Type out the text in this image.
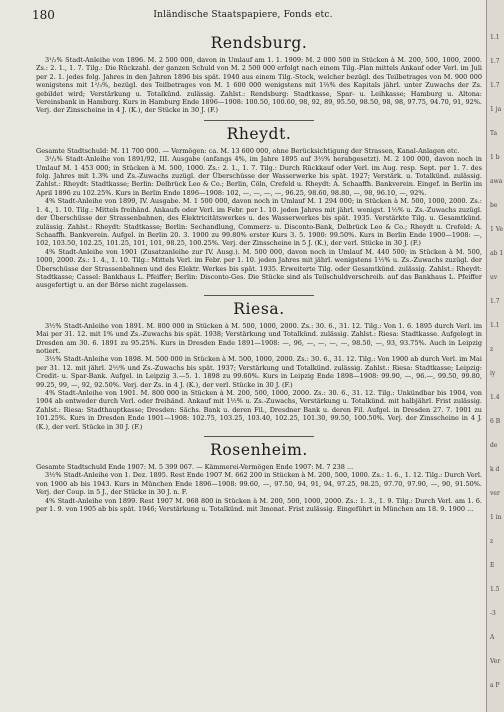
180	Inländische Staatspapiere, Fonds etc.
Rendsburg.

3¹/₂% Stadt-Anleihe von 1896. M. 2 500 000, davon in Umlauf am 1. 1. 1909: M. 2 000 500 in Stücken à M. 200, 500, 1000, 2000. Zs.: 2. 1., 1. 7. Tilg.: Die Rückzahl. der ganzen Schuld von M. 2 500 000 erfolgt nach einem Tilg.-Plan mittels Ankauf oder Verl. im Juli per 2. 1. jedes folg. Jahres in den Jahren 1896 bis spät. 1940 aus einem Tilg.-Stock, welcher bezügl. des Teilbetrages von M. 900 000 wenigstens mit 1²/₃%, bezügl. des Teilbetrages von M. 1 600 000 wenigstens mit 1⅔% des Kapitals jährl. unter Zuwachs der Zs. gebildet wird; Verstärkung u. Totalkünd. zulässig. Zahlst.: Rendsburg: Stadtkasse, Spar- u. Leihkasse; Hamburg u. Altona: Vereinsbank in Hamburg. Kurs in Hamburg Ende 1896—1908: 100.50, 100.60, 98, 92, 89, 95.50, 98.50, 98, 98, 97.75, 94.70, 91, 92%. Verj. der Zinsscheine in 4 J. (K.), der Stücke in 30 J. (F.)

Rheydt.

Gesamte Stadtschuld: M. 11 700 000. — Vermögen: ca. M. 13 600 000, ohne Berücksichtigung der Strassen, Kanal-Anlagen etc.

3¹/₂% Stadt-Anleihe von 1891/92, III. Ausgabe (anfangs 4%, im Jahre 1895 auf 3½% herabgesetzt). M. 2 100 000, davon noch in Umlauf M. 1 453 000; in Stücken à M. 500, 1000. Zs.: 2. 1., 1. 7. Tilg.: Durch Rückkauf oder Verl. im Aug. resp. Sept. per 1. 7. des folg. Jahres mit 1.3% und Zs.-Zuwachs zuzügl. der Überschüsse der Wasserwerke bis spät. 1927; Verstärk. u. Totalkünd. zulässig. Zahlst.: Rheydt: Stadtkasse; Berlin: Delbrück Leo & Co.; Berlin, Cöln, Crefeld u. Rheydt: A. Schaaffh. Bankverein. Eingef. in Berlin im April 1896 zu 102.25%. Kurs in Berlin Ende 1896—1908: 102, —, —, —, —, 96.25, 98.60, 98.80, —, 98, 96.10, —, 92%.

4% Stadt-Anleihe von 1899, IV. Ausgabe. M. 1 500 000, davon noch in Umlauf M. 1 294 000; in Stücken à M. 500, 1000, 2000. Zs.: 1. 4., 1. 10. Tilg.: Mittels freihänd. Ankaufs oder Verl. im Febr. per 1. 10. jeden Jahres mit jährl. wenigst. 1½% u. Zs.-Zuwachs zuzügl. der Überschüsse der Strassenbahnen, des Elektricitätswerkes u. des Wasserwerkes bis spät. 1935. Verstärkte Tilg. u. Gesamtkünd. zulässig. Zahlst.: Rheydt: Stadtkasse; Berlin: Sechandlung, Commerz- u. Disconto-Bank, Delbrück Leo & Co.; Rheydt u. Crefeld: A. Schaaffh. Bankverein. Aufgel. in Berlin 20. 3. 1900 zu 99.80% erster Kurs 3. 5. 1900: 99.50%. Kurs in Berlin Ende 1900—1908: —, 102, 103.50, 102.25, 101.25, 101, 101, 98.25, 100.25%. Verj. der Zinsscheine in 5 J. (K.), der verl. Stücke in 30 J. (F.)

4% Stadt-Anleihe von 1901 (Zusatzanleihe zur IV. Ausg.). M. 500 000, davon noch in Umlauf M. 440 500; in Stücken à M. 500, 1000, 2000. Zs.: 1. 4., 1. 10. Tilg.: Mittels Verl. im Febr. per 1. 10. jeden Jahres mit jährl. wenigstens 1½% u. Zs.-Zuwachs zuzügl. der Überschüsse der Strassenbahnen und des Elektr. Werkes bis spät. 1935. Erweiterte Tilg. oder Gesamtkünd. zulässig. Zahlst.: Rheydt: Stadtkasse; Cassel: Bankhaus L. Pfeiffer; Berlin: Disconto-Ges. Die Stücke sind als Teilschuldverschreib. auf das Bankhaus L. Pfeiffer ausgefertigt u. an der Börse nicht zugelassen.

Riesa.

3½% Stadt-Anleihe von 1891. M. 800 000 in Stücken à M. 500, 1000, 2000. Zs.: 30. 6., 31. 12. Tilg.: Von 1. 6. 1895 durch Verl. im Mai per 31. 12. mit 1% und Zs.-Zuwachs bis spät. 1938; Verstärkung und Totalkünd. zulässig. Zahlst.: Riesa: Stadtkasse. Aufgelegt in Dresden am 30. 6. 1891 zu 95.25%. Kurs in Dresden Ende 1891—1908: —, 96, —, —, —, —, 98.50, —, 93, 93.75%. Auch in Leipzig notiert.

3½% Stadt-Anleihe von 1898. M. 500 000 in Stücken à M. 500, 1000, 2000. Zs.: 30. 6., 31. 12. Tilg.: Von 1900 ab durch Verl. im Mai per 31. 12. mit jährl. 2½% und Zs.-Zuwachs bis spät. 1937; Verstärkung und Totalkünd. zulässig. Zahlst.: Riesa: Stadtkasse; Leipzig: Credit- u. Spar-Bank. Aufgel. in Leipzig 3.—5. 1. 1898 zu 99.60%. Kurs in Leipzig Ende 1898—1908: 99.90, —, 96.—, 99.50, 99.80, 99.25, 99, —, 92, 92.50%. Verj. der Zs. in 4 J. (K.), der verl. Stücke in 30 J. (F.)

4% Stadt-Anleihe von 1901. M. 800 000 in Stücken à M. 200, 500, 1000, 2000. Zs.: 30. 6., 31. 12. Tilg.: Unkündbar bis 1904, von 1904 ab entweder durch Verl. oder freihänd. Ankauf mit 1½% u. Zs.-Zuwachs, Verstärkung u. Totalkünd. mit halbjährl. Frist zulässig. Zahlst.: Riesa: Stadthauptkasse; Dresden: Sächs. Bank u. deren Fil., Dresdner Bank u. deren Fil. Aufgel. in Dresden 27. 7. 1901 zu 101.25%. Kurs in Dresden Ende 1901—1908: 102.75, 103.25, 103.40, 102.25, 101.30, 99.50, 100.50%. Verj. der Zinsscheine in 4 J. (K.), der verl. Stücke in 30 J. (F.)

Rosenheim.

Gesamte Stadtschuld Ende 1907: M. 5 399 067. — Kämmerei-Vermögen Ende 1907: M. 7 238 ...

3½% Stadt-Anleihe von 1. Dez. 1895. Rest Ende 1907 M. 662 200 in Stücken à M. 200, 500, 1000. Zs.: 1. 6., 1. 12. Tilg.: Durch Verl. von 1900 ab bis 1943. Kurs in München Ende 1896—1908: 99.60, —, 97.50, 94, 91, 94, 97.25, 98.25, 97.70, 97.90, —, 90, 91.50%. Verj. der Coup. in 5 J., der Stücke in 30 J. n. F.

4% Stadt-Anleihe von 1899. Rest 1907 M. 968 800 in Stücken à M. 200, 500, 1000, 2000. Zs.: 1. 3., 1. 9. Tilg.: Durch Verl. am 1. 6. per 1. 9. von 1905 ab bis spät. 1946; Verstärkung u. Totalkünd. mit 3monat. Frist zulässig. Eingeführt in München am 18. 9. 1900 ...

1.1
1.7
1.7
1 ja
Ta
1 b
awa
be
1 Ve
ab 1
uv
1.7
1.1
z
iy
1.4
6 B
de
k d
ver
1 in
z
E
1.5
-3
A
Ver
a P
